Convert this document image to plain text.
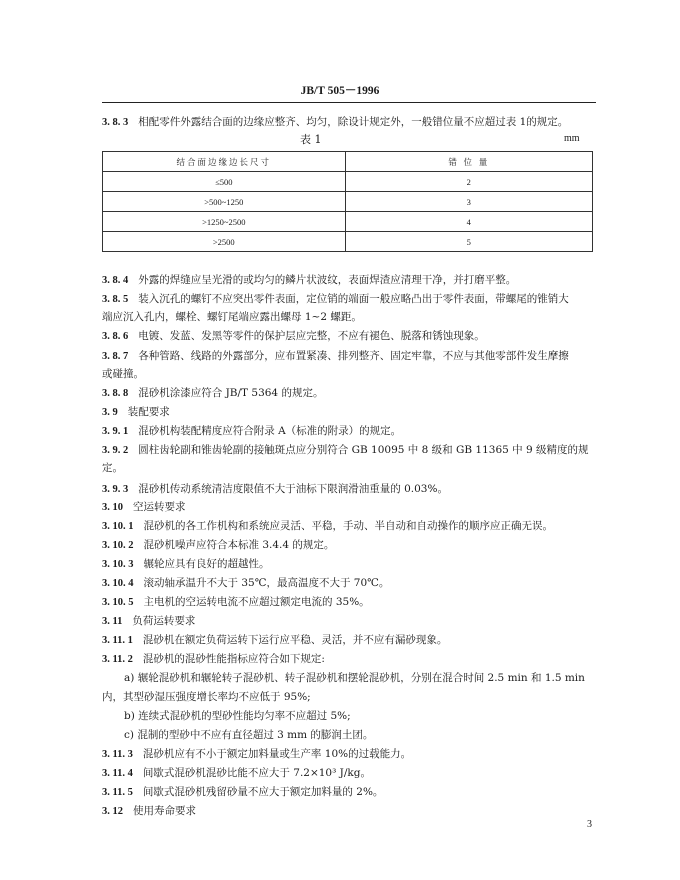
JB/T 505－1996
3. 8. 3 相配零件外露结合面的边缘应整齐、均匀，除设计规定外，一般错位量不应超过表 1的规定。
表 1	mm
结合面边缘边长尺寸	错 位 量
≤500	2
>500~1250	3
>1250~2500	4
>2500	5
3. 8. 4 外露的焊缝应呈光滑的或均匀的鳞片状波纹，表面焊渣应清理干净，并打磨平整。
3. 8. 5 装入沉孔的螺钉不应突出零件表面，定位销的端面一般应略凸出于零件表面，带螺尾的锥销大
端应沉入孔内，螺栓、螺钉尾端应露出螺母 1~2 螺距。
3. 8. 6 电镀、发蓝、发黑等零件的保护层应完整，不应有褪色、脱落和锈蚀现象。
3. 8. 7 各种管路、线路的外露部分，应布置紧凑、排列整齐、固定牢靠，不应与其他零部件发生摩擦
或碰撞。
3. 8. 8 混砂机涂漆应符合 JB/T 5364 的规定。
3. 9 装配要求
3. 9. 1 混砂机构装配精度应符合附录 A（标准的附录）的规定。
3. 9. 2 圆柱齿轮副和锥齿轮副的接触斑点应分别符合 GB 10095 中 8 级和 GB 11365 中 9 级精度的规
定。
3. 9. 3 混砂机传动系统清洁度限值不大于油标下限润滑油重量的 0.03%。
3. 10 空运转要求
3. 10. 1 混砂机的各工作机构和系统应灵活、平稳，手动、半自动和自动操作的顺序应正确无误。
3. 10. 2 混砂机噪声应符合本标准 3.4.4 的规定。
3. 10. 3 辗轮应具有良好的超越性。
3. 10. 4 滚动轴承温升不大于 35℃，最高温度不大于 70℃。
3. 10. 5 主电机的空运转电流不应超过额定电流的 35%。
3. 11 负荷运转要求
3. 11. 1 混砂机在额定负荷运转下运行应平稳、灵活，并不应有漏砂现象。
3. 11. 2 混砂机的混砂性能指标应符合如下规定:
a) 辗轮混砂机和辗轮转子混砂机、转子混砂机和摆轮混砂机，分别在混合时间 2.5 min 和 1.5 min
内，其型砂湿压强度增长率均不应低于 95%;
b) 连续式混砂机的型砂性能均匀率不应超过 5%;
c) 混制的型砂中不应有直径超过 3 mm 的膨润土团。
3. 11. 3 混砂机应有不小于额定加料量或生产率 10%的过载能力。
3. 11. 4 间歇式混砂机混砂比能不应大于 7.2×10³ J/kg。
3. 11. 5 间歇式混砂机残留砂量不应大于额定加料量的 2%。
3. 12 使用寿命要求
3
